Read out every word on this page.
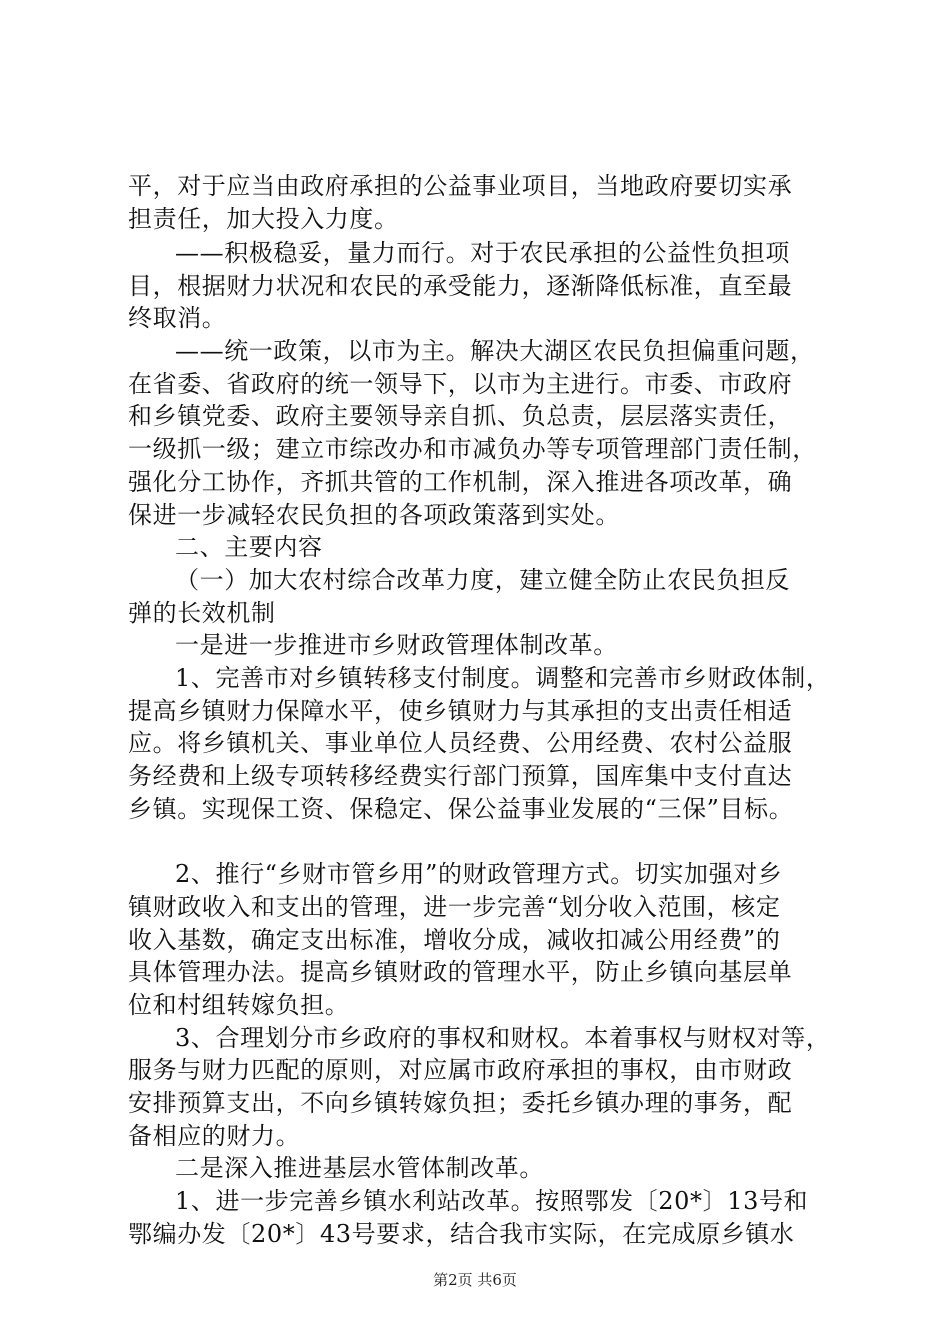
平，对于应当由政府承担的公益事业项目，当地政府要切实承
担责任，加大投入力度。
——积极稳妥，量力而行。对于农民承担的公益性负担项
目，根据财力状况和农民的承受能力，逐渐降低标准，直至最
终取消。
——统一政策，以市为主。解决大湖区农民负担偏重问题，
在省委、省政府的统一领导下，以市为主进行。市委、市政府
和乡镇党委、政府主要领导亲自抓、负总责，层层落实责任，
一级抓一级；建立市综改办和市减负办等专项管理部门责任制，
强化分工协作，齐抓共管的工作机制，深入推进各项改革，确
保进一步减轻农民负担的各项政策落到实处。
二、主要内容
（一）加大农村综合改革力度，建立健全防止农民负担反
弹的长效机制
一是进一步推进市乡财政管理体制改革。
1、完善市对乡镇转移支付制度。调整和完善市乡财政体制，
提高乡镇财力保障水平，使乡镇财力与其承担的支出责任相适
应。将乡镇机关、事业单位人员经费、公用经费、农村公益服
务经费和上级专项转移经费实行部门预算，国库集中支付直达
乡镇。实现保工资、保稳定、保公益事业发展的“三保”目标。
2、推行“乡财市管乡用”的财政管理方式。切实加强对乡
镇财政收入和支出的管理，进一步完善“划分收入范围，核定
收入基数，确定支出标准，增收分成，减收扣减公用经费”的
具体管理办法。提高乡镇财政的管理水平，防止乡镇向基层单
位和村组转嫁负担。
3、合理划分市乡政府的事权和财权。本着事权与财权对等，
服务与财力匹配的原则，对应属市政府承担的事权，由市财政
安排预算支出，不向乡镇转嫁负担；委托乡镇办理的事务，配
备相应的财力。
二是深入推进基层水管体制改革。
1、进一步完善乡镇水利站改革。按照鄂发〔20*〕13号和
鄂编办发〔20*〕43号要求，结合我市实际，在完成原乡镇水
第2页 共6页
